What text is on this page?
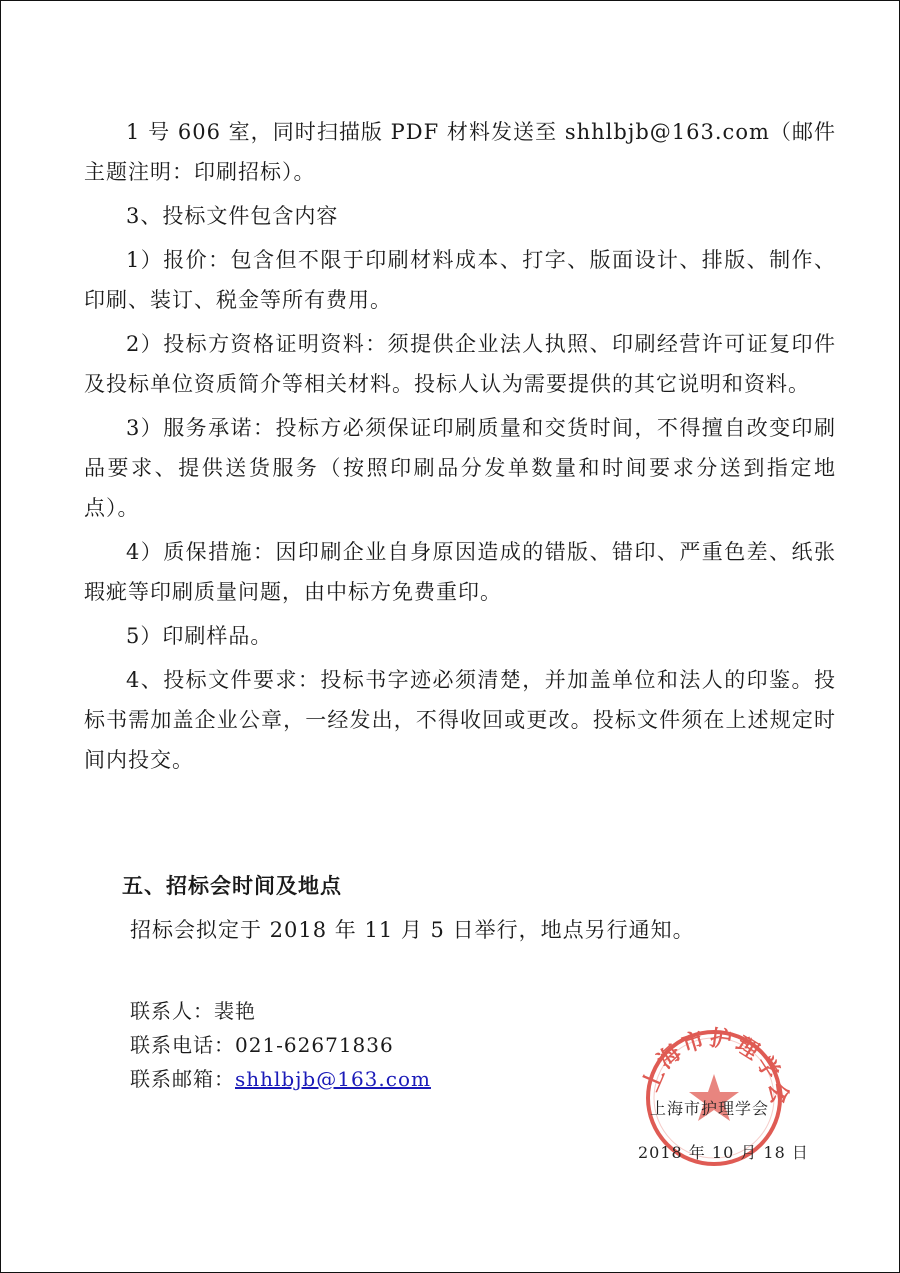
1 号 606 室，同时扫描版 PDF 材料发送至 shhlbjb@163.com（邮件主题注明：印刷招标）。

3、投标文件包含内容

1）报价：包含但不限于印刷材料成本、打字、版面设计、排版、制作、印刷、装订、税金等所有费用。

2）投标方资格证明资料：须提供企业法人执照、印刷经营许可证复印件及投标单位资质简介等相关材料。投标人认为需要提供的其它说明和资料。

3）服务承诺：投标方必须保证印刷质量和交货时间，不得擅自改变印刷品要求、提供送货服务（按照印刷品分发单数量和时间要求分送到指定地点）。

4）质保措施：因印刷企业自身原因造成的错版、错印、严重色差、纸张瑕疵等印刷质量问题，由中标方免费重印。

5）印刷样品。

4、投标文件要求：投标书字迹必须清楚，并加盖单位和法人的印鉴。投标书需加盖企业公章，一经发出，不得收回或更改。投标文件须在上述规定时间内投交。

五、招标会时间及地点
招标会拟定于 2018 年 11 月 5 日举行，地点另行通知。
联系人：裴艳
联系电话：021-62671836
联系邮箱：shhlbjb@163.com	上海市护理学会
上海市护理学会
2018 年 10 月 18 日
